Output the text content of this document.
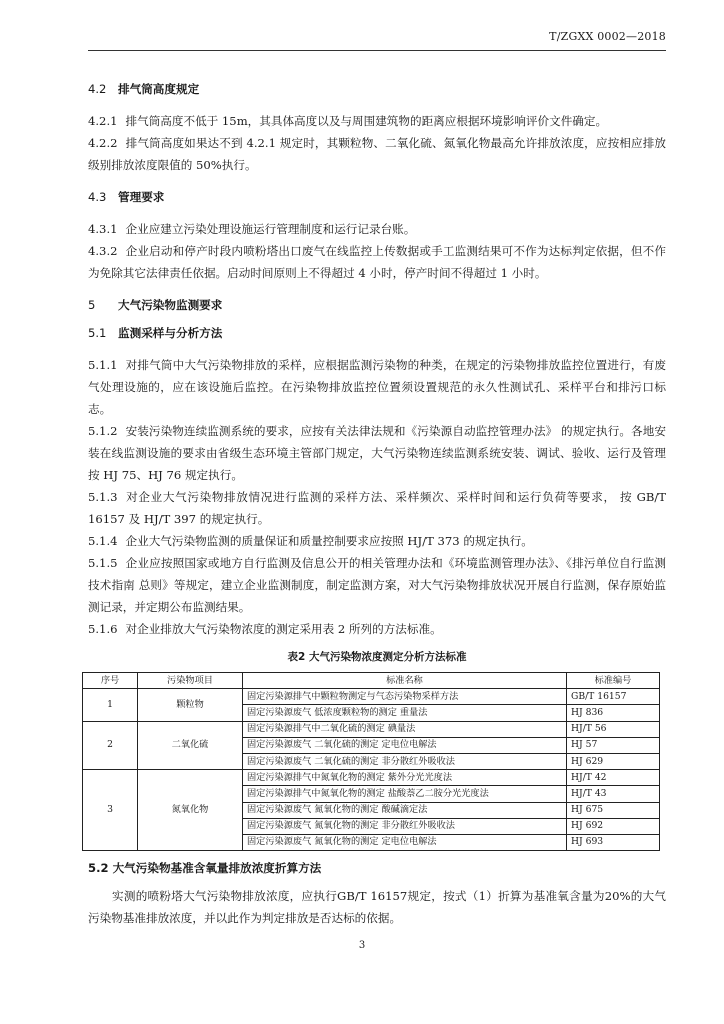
T/ZGXX 0002—2018
4.2 排气筒高度规定

4.2.1 排气筒高度不低于 15m，其具体高度以及与周围建筑物的距离应根据环境影响评价文件确定。

4.2.2 排气筒高度如果达不到 4.2.1 规定时，其颗粒物、二氧化硫、氮氧化物最高允许排放浓度，应按相应排放级别排放浓度限值的 50%执行。

4.3 管理要求

4.3.1 企业应建立污染处理设施运行管理制度和运行记录台账。

4.3.2 企业启动和停产时段内喷粉塔出口废气在线监控上传数据或手工监测结果可不作为达标判定依据，但不作为免除其它法律责任依据。启动时间原则上不得超过 4 小时，停产时间不得超过 1 小时。

5 大气污染物监测要求
5.1 监测采样与分析方法

5.1.1 对排气筒中大气污染物排放的采样，应根据监测污染物的种类，在规定的污染物排放监控位置进行，有废气处理设施的，应在该设施后监控。在污染物排放监控位置须设置规范的永久性测试孔、采样平台和排污口标志。

5.1.2 安装污染物连续监测系统的要求，应按有关法律法规和《污染源自动监控管理办法》 的规定执行。各地安装在线监测设施的要求由省级生态环境主管部门规定，大气污染物连续监测系统安装、调试、验收、运行及管理按 HJ 75、HJ 76 规定执行。

5.1.3 对企业大气污染物排放情况进行监测的采样方法、采样频次、采样时间和运行负荷等要求， 按 GB/T 16157 及 HJ/T 397 的规定执行。

5.1.4 企业大气污染物监测的质量保证和质量控制要求应按照 HJ/T 373 的规定执行。

5.1.5 企业应按照国家或地方自行监测及信息公开的相关管理办法和《环境监测管理办法》、《排污单位自行监测技术指南 总则》等规定，建立企业监测制度，制定监测方案，对大气污染物排放状况开展自行监测，保存原始监测记录，并定期公布监测结果。

5.1.6 对企业排放大气污染物浓度的测定采用表 2 所列的方法标准。

表2 大气污染物浓度测定分析方法标准
序号	污染物项目	标准名称	标准编号
1	颗粒物	固定污染源排气中颗粒物测定与气态污染物采样方法	GB/T 16157
		固定污染源废气 低浓度颗粒物的测定 重量法	HJ 836
2	二氧化硫	固定污染源排气中二氧化硫的测定 碘量法	HJ/T 56
		固定污染源废气 二氧化硫的测定 定电位电解法	HJ 57
		固定污染源废气 二氧化硫的测定 非分散红外吸收法	HJ 629
3	氮氧化物	固定污染源排气中氮氧化物的测定 紫外分光光度法	HJ/T 42
		固定污染源排气中氮氧化物的测定 盐酸萘乙二胺分光光度法	HJ/T 43
		固定污染源废气 氮氧化物的测定 酸碱滴定法	HJ 675
		固定污染源废气 氮氧化物的测定 非分散红外吸收法	HJ 692
		固定污染源废气 氮氧化物的测定 定电位电解法	HJ 693
5.2 大气污染物基准含氧量排放浓度折算方法

实测的喷粉塔大气污染物排放浓度，应执行GB/T 16157规定，按式（1）折算为基准氧含量为20%的大气污染物基准排放浓度，并以此作为判定排放是否达标的依据。

3
